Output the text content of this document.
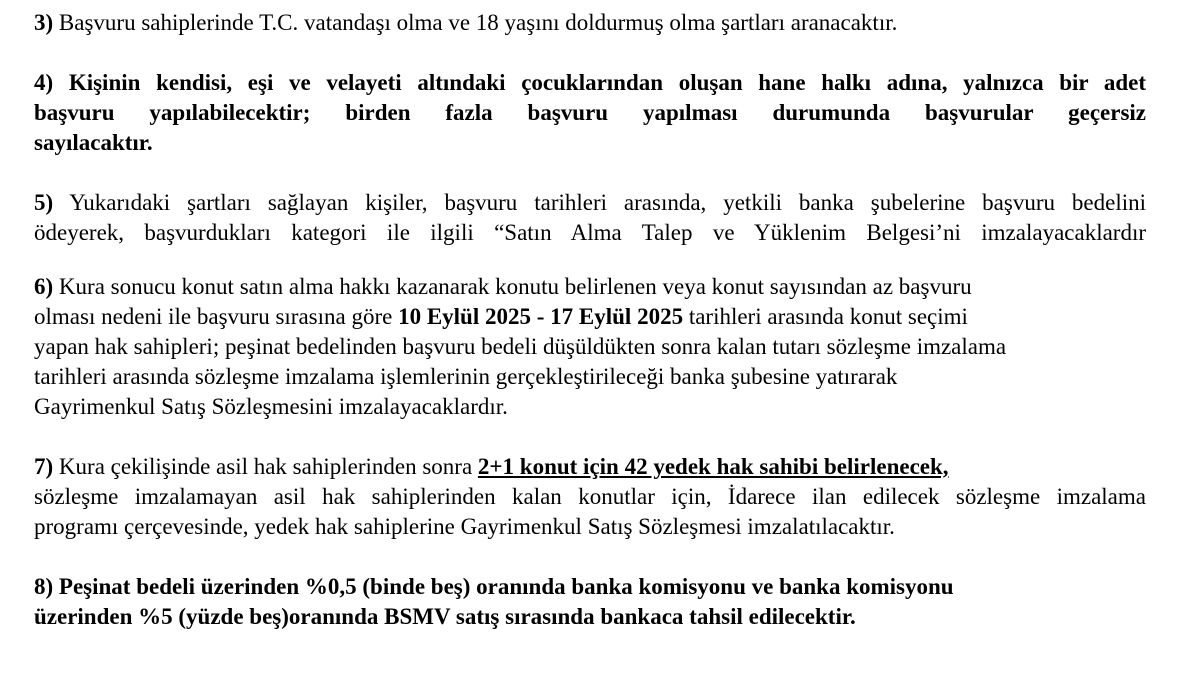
3) Başvuru sahiplerinde T.C. vatandaşı olma ve 18 yaşını doldurmuş olma şartları aranacaktır.

4) Kişinin kendisi, eşi ve velayeti altındaki çocuklarından oluşan hane halkı adına, yalnızca bir adet
başvuru yapılabilecektir; birden fazla başvuru yapılması durumunda başvurular geçersiz
sayılacaktır.

5) Yukarıdaki şartları sağlayan kişiler, başvuru tarihleri arasında, yetkili banka şubelerine başvuru bedelini
ödeyerek, başvurdukları kategori ile ilgili “Satın Alma Talep ve Yüklenim Belgesi’ni imzalayacaklardır

6) Kura sonucu konut satın alma hakkı kazanarak konutu belirlenen veya konut sayısından az başvuru
olması nedeni ile başvuru sırasına göre 10 Eylül 2025 - 17 Eylül 2025 tarihleri arasında konut seçimi
yapan hak sahipleri; peşinat bedelinden başvuru bedeli düşüldükten sonra kalan tutarı sözleşme imzalama
tarihleri arasında sözleşme imzalama işlemlerinin gerçekleştirileceği banka şubesine yatırarak
Gayrimenkul Satış Sözleşmesini imzalayacaklardır.

7) Kura çekilişinde asil hak sahiplerinden sonra 2+1 konut için 42 yedek hak sahibi belirlenecek,
sözleşme imzalamayan asil hak sahiplerinden kalan konutlar için, İdarece ilan edilecek sözleşme imzalama
programı çerçevesinde, yedek hak sahiplerine Gayrimenkul Satış Sözleşmesi imzalatılacaktır.

8) Peşinat bedeli üzerinden %0,5 (binde beş) oranında banka komisyonu ve banka komisyonu
üzerinden %5 (yüzde beş)oranında BSMV satış sırasında bankaca tahsil edilecektir.
